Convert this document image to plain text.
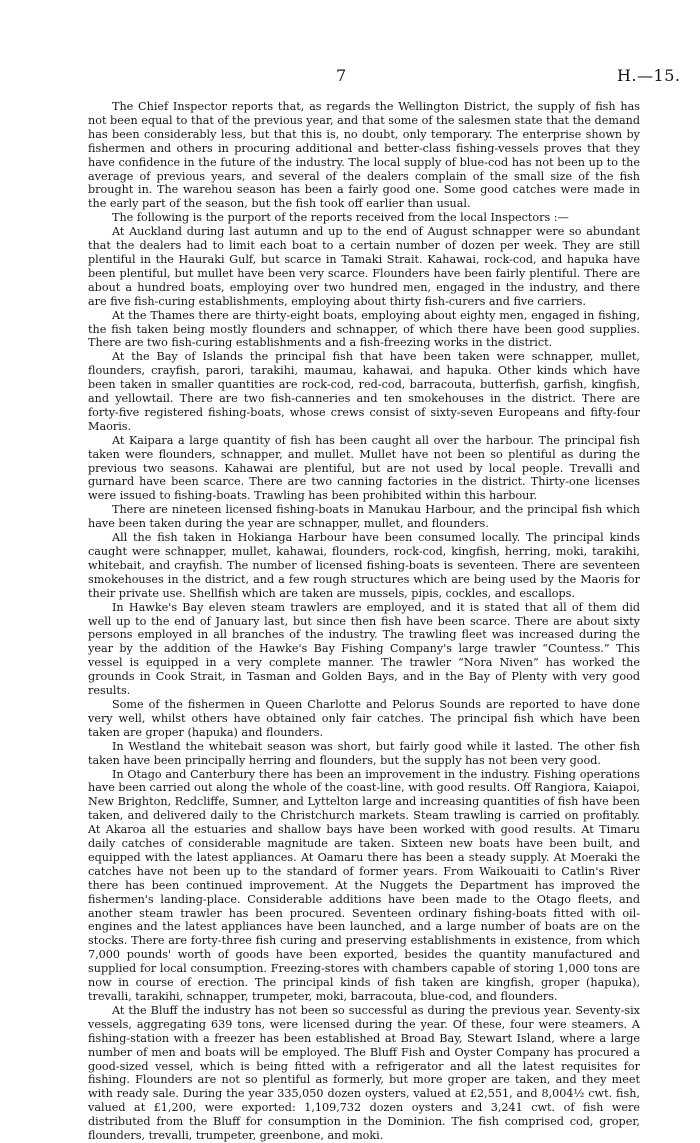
7	H.—15.

The Chief Inspector reports that, as regards the Wellington District, the supply of fish has not been equal to that of the previous year, and that some of the salesmen state that the demand has been considerably less, but that this is, no doubt, only temporary. The enterprise shown by fishermen and others in procuring additional and better-class fishing-vessels proves that they have confidence in the future of the industry. The local supply of blue-cod has not been up to the average of previous years, and several of the dealers complain of the small size of the fish brought in. The warehou season has been a fairly good one. Some good catches were made in the early part of the season, but the fish took off earlier than usual.

The following is the purport of the reports received from the local Inspectors :—

At Auckland during last autumn and up to the end of August schnapper were so abundant that the dealers had to limit each boat to a certain number of dozen per week. They are still plentiful in the Hauraki Gulf, but scarce in Tamaki Strait. Kahawai, rock-cod, and hapuka have been plentiful, but mullet have been very scarce. Flounders have been fairly plentiful. There are about a hundred boats, employing over two hundred men, engaged in the industry, and there are five fish-curing establishments, employing about thirty fish-curers and five carriers.

At the Thames there are thirty-eight boats, employing about eighty men, engaged in fishing, the fish taken being mostly flounders and schnapper, of which there have been good supplies. There are two fish-curing establishments and a fish-freezing works in the district.

At the Bay of Islands the principal fish that have been taken were schnapper, mullet, flounders, crayfish, parori, tarakihi, maumau, kahawai, and hapuka. Other kinds which have been taken in smaller quantities are rock-cod, red-cod, barracouta, butterfish, garfish, kingfish, and yellowtail. There are two fish-canneries and ten smokehouses in the district. There are forty-five registered fishing-boats, whose crews consist of sixty-seven Europeans and fifty-four Maoris.

At Kaipara a large quantity of fish has been caught all over the harbour. The principal fish taken were flounders, schnapper, and mullet. Mullet have not been so plentiful as during the previous two seasons. Kahawai are plentiful, but are not used by local people. Trevalli and gurnard have been scarce. There are two canning factories in the district. Thirty-one licenses were issued to fishing-boats. Trawling has been prohibited within this harbour.

There are nineteen licensed fishing-boats in Manukau Harbour, and the principal fish which have been taken during the year are schnapper, mullet, and flounders.

All the fish taken in Hokianga Harbour have been consumed locally. The principal kinds caught were schnapper, mullet, kahawai, flounders, rock-cod, kingfish, herring, moki, tarakihi, whitebait, and crayfish. The number of licensed fishing-boats is seventeen. There are seventeen smokehouses in the district, and a few rough structures which are being used by the Maoris for their private use. Shellfish which are taken are mussels, pipis, cockles, and escallops.

In Hawke's Bay eleven steam trawlers are employed, and it is stated that all of them did well up to the end of January last, but since then fish have been scarce. There are about sixty persons employed in all branches of the industry. The trawling fleet was increased during the year by the addition of the Hawke's Bay Fishing Company's large trawler “Countess.” This vessel is equipped in a very complete manner. The trawler “Nora Niven” has worked the grounds in Cook Strait, in Tasman and Golden Bays, and in the Bay of Plenty with very good results.

Some of the fishermen in Queen Charlotte and Pelorus Sounds are reported to have done very well, whilst others have obtained only fair catches. The principal fish which have been taken are groper (hapuka) and flounders.

In Westland the whitebait season was short, but fairly good while it lasted. The other fish taken have been principally herring and flounders, but the supply has not been very good.

In Otago and Canterbury there has been an improvement in the industry. Fishing operations have been carried out along the whole of the coast-line, with good results. Off Rangiora, Kaiapoi, New Brighton, Redcliffe, Sumner, and Lyttelton large and increasing quantities of fish have been taken, and delivered daily to the Christchurch markets. Steam trawling is carried on profitably. At Akaroa all the estuaries and shallow bays have been worked with good results. At Timaru daily catches of considerable magnitude are taken. Sixteen new boats have been built, and equipped with the latest appliances. At Oamaru there has been a steady supply. At Moeraki the catches have not been up to the standard of former years. From Waikouaiti to Catlin's River there has been continued improvement. At the Nuggets the Department has improved the fishermen's landing-place. Considerable additions have been made to the Otago fleets, and another steam trawler has been procured. Seventeen ordinary fishing-boats fitted with oil-engines and the latest appliances have been launched, and a large number of boats are on the stocks. There are forty-three fish curing and preserving establishments in existence, from which 7,000 pounds' worth of goods have been exported, besides the quantity manufactured and supplied for local consumption. Freezing-stores with chambers capable of storing 1,000 tons are now in course of erection. The principal kinds of fish taken are kingfish, groper (hapuka), trevalli, tarakihi, schnapper, trumpeter, moki, barracouta, blue-cod, and flounders.

At the Bluff the industry has not been so successful as during the previous year. Seventy-six vessels, aggregating 639 tons, were licensed during the year. Of these, four were steamers. A fishing-station with a freezer has been established at Broad Bay, Stewart Island, where a large number of men and boats will be employed. The Bluff Fish and Oyster Company has procured a good-sized vessel, which is being fitted with a refrigerator and all the latest requisites for fishing. Flounders are not so plentiful as formerly, but more groper are taken, and they meet with ready sale. During the year 335,050 dozen oysters, valued at £2,551, and 8,004½ cwt. fish, valued at £1,200, were exported: 1,109,732 dozen oysters and 3,241 cwt. of fish were distributed from the Bluff for consumption in the Dominion. The fish comprised cod, groper, flounders, trevalli, trumpeter, greenbone, and moki.
